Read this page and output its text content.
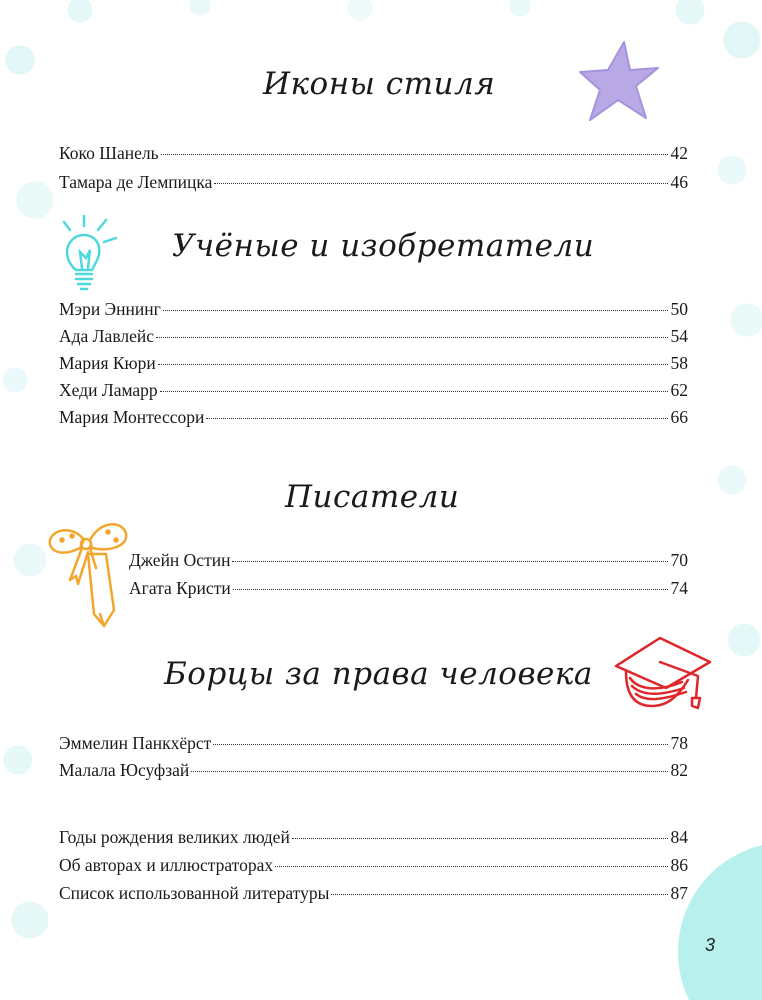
Иконы стиля
Коко Шанель	42
Тамара де Лемпицка	46
Учёные и изобретатели
Мэри Эннинг	50
Ада Лавлейс	54
Мария Кюри	58
Хеди Ламарр	62
Мария Монтессори	66
Писатели
Джейн Остин	70
Агата Кристи	74
Борцы за права человека
Эммелин Панкхёрст	78
Малала Юсуфзай	82
Годы рождения великих людей	84
Об авторах и иллюстраторах	86
Список использованной литературы	87
3
